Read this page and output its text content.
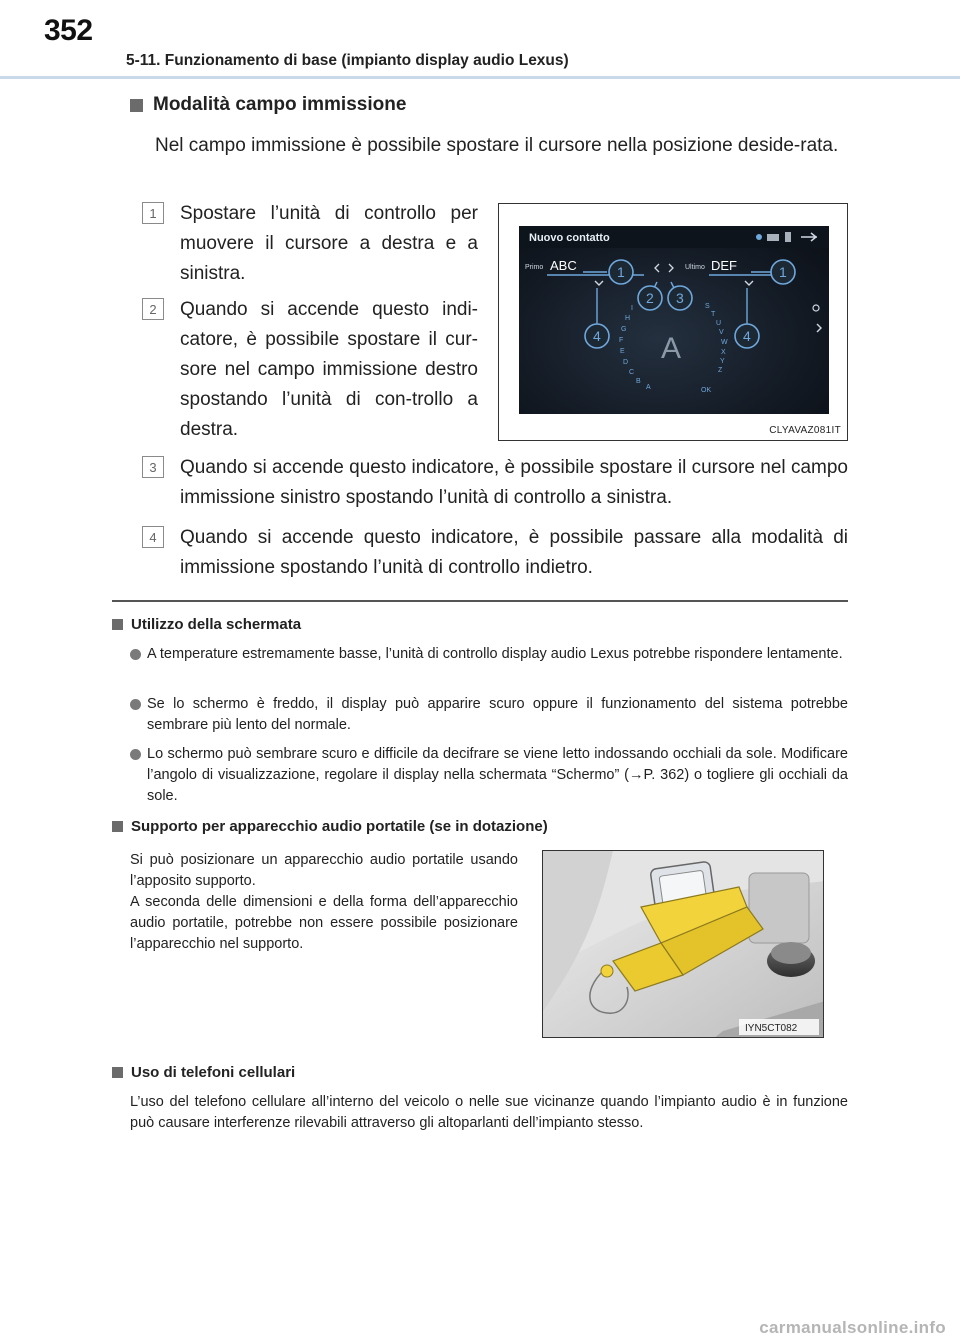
352
5-11. Funzionamento di base (impianto display audio Lexus)
Modalità campo immissione
Nel campo immissione è possibile spostare il cursore nella posizione deside-rata.
1	Spostare l’unità di controllo per muovere il cursore a destra e a sinistra.
2	Quando si accende questo indi-catore, è possibile spostare il cur-sore nel campo immissione destro spostando l’unità di con-trollo a destra.
3	Quando si accende questo indicatore, è possibile spostare il cursore nel campo immissione sinistro spostando l’unità di controllo a sinistra.
4	Quando si accende questo indicatore, è possibile passare alla modalità di immissione spostando l’unità di controllo indietro.
Nuovo contatto
Primo ABC	Ultimo DEF
A
B
C
D
E
F
G
H
I	S
T
U
V
W
X
Y
Z
OK
A
1	1
2 3
4	4
CLYAVAZ081IT
Utilizzo della schermata
A temperature estremamente basse, l’unità di controllo display audio Lexus potrebbe rispondere lentamente.
Se lo schermo è freddo, il display può apparire scuro oppure il funzionamento del sistema potrebbe sembrare più lento del normale.
Lo schermo può sembrare scuro e difficile da decifrare se viene letto indossando occhiali da sole. Modificare l’angolo di visualizzazione, regolare il display nella schermata “Schermo” (→P. 362) o togliere gli occhiali da sole.
Supporto per apparecchio audio portatile (se in dotazione)
Si può posizionare un apparecchio audio portatile usando l’apposito supporto.
A seconda delle dimensioni e della forma dell’apparecchio audio portatile, potrebbe non essere possibile posizionare l’apparecchio nel supporto.
IYN5CT082
Uso di telefoni cellulari
L’uso del telefono cellulare all’interno del veicolo o nelle sue vicinanze quando l’impianto audio è in funzione può causare interferenze rilevabili attraverso gli altoparlanti dell’impianto stesso.
carmanualsonline.info
